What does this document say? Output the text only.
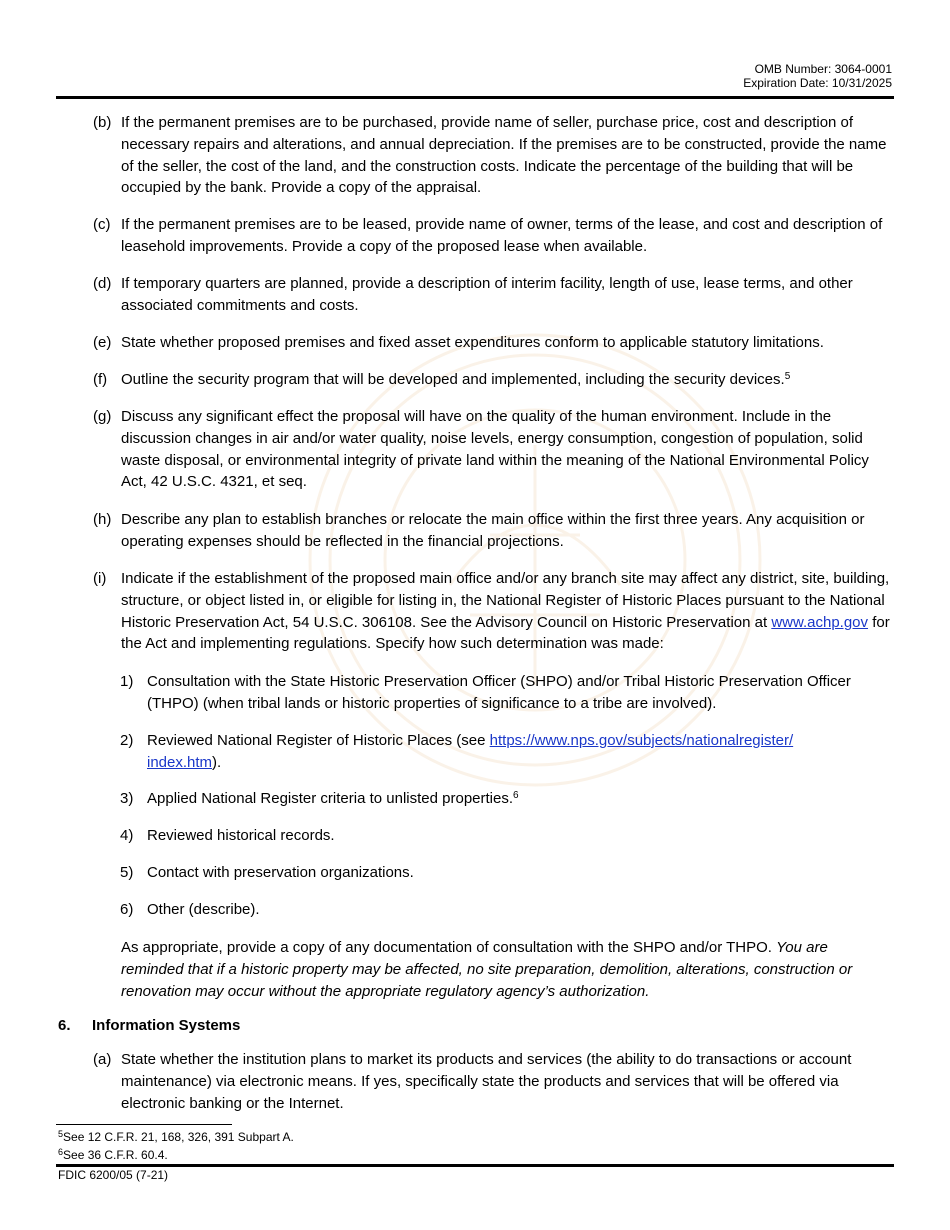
OMB Number: 3064-0001
Expiration Date: 10/31/2025
(b) If the permanent premises are to be purchased, provide name of seller, purchase price, cost and description of necessary repairs and alterations, and annual depreciation. If the premises are to be constructed, provide the name of the seller, the cost of the land, and the construction costs. Indicate the percentage of the building that will be occupied by the bank. Provide a copy of the appraisal.
(c) If the permanent premises are to be leased, provide name of owner, terms of the lease, and cost and description of leasehold improvements. Provide a copy of the proposed lease when available.
(d) If temporary quarters are planned, provide a description of interim facility, length of use, lease terms, and other associated commitments and costs.
(e) State whether proposed premises and fixed asset expenditures conform to applicable statutory limitations.
(f) Outline the security program that will be developed and implemented, including the security devices.$^5$
(g) Discuss any significant effect the proposal will have on the quality of the human environment. Include in the discussion changes in air and/or water quality, noise levels, energy consumption, congestion of population, solid waste disposal, or environmental integrity of private land within the meaning of the National Environmental Policy Act, 42 U.S.C. 4321, et seq.
(h) Describe any plan to establish branches or relocate the main office within the first three years. Any acquisition or operating expenses should be reflected in the financial projections.
(i) Indicate if the establishment of the proposed main office and/or any branch site may affect any district, site, building, structure, or object listed in, or eligible for listing in, the National Register of Historic Places pursuant to the National Historic Preservation Act, 54 U.S.C. 306108. See the Advisory Council on Historic Preservation at www.achp.gov for the Act and implementing regulations. Specify how such determination was made:
1) Consultation with the State Historic Preservation Officer (SHPO) and/or Tribal Historic Preservation Officer (THPO) (when tribal lands or historic properties of significance to a tribe are involved).
2) Reviewed National Register of Historic Places (see https://www.nps.gov/subjects/nationalregister/
index.htm).
3) Applied National Register criteria to unlisted properties.$^6$
4) Reviewed historical records.
5) Contact with preservation organizations.
6) Other (describe).
As appropriate, provide a copy of any documentation of consultation with the SHPO and/or THPO. You are reminded that if a historic property may be affected, no site preparation, demolition, alterations, construction or renovation may occur without the appropriate regulatory agency’s authorization.
6. Information Systems
(a) State whether the institution plans to market its products and services (the ability to do transactions or account maintenance) via electronic means. If yes, specifically state the products and services that will be offered via electronic banking or the Internet.
$^5$See 12 C.F.R. 21, 168, 326, 391 Subpart A.
$^6$See 36 C.F.R. 60.4.
FDIC 6200/05 (7-21)
